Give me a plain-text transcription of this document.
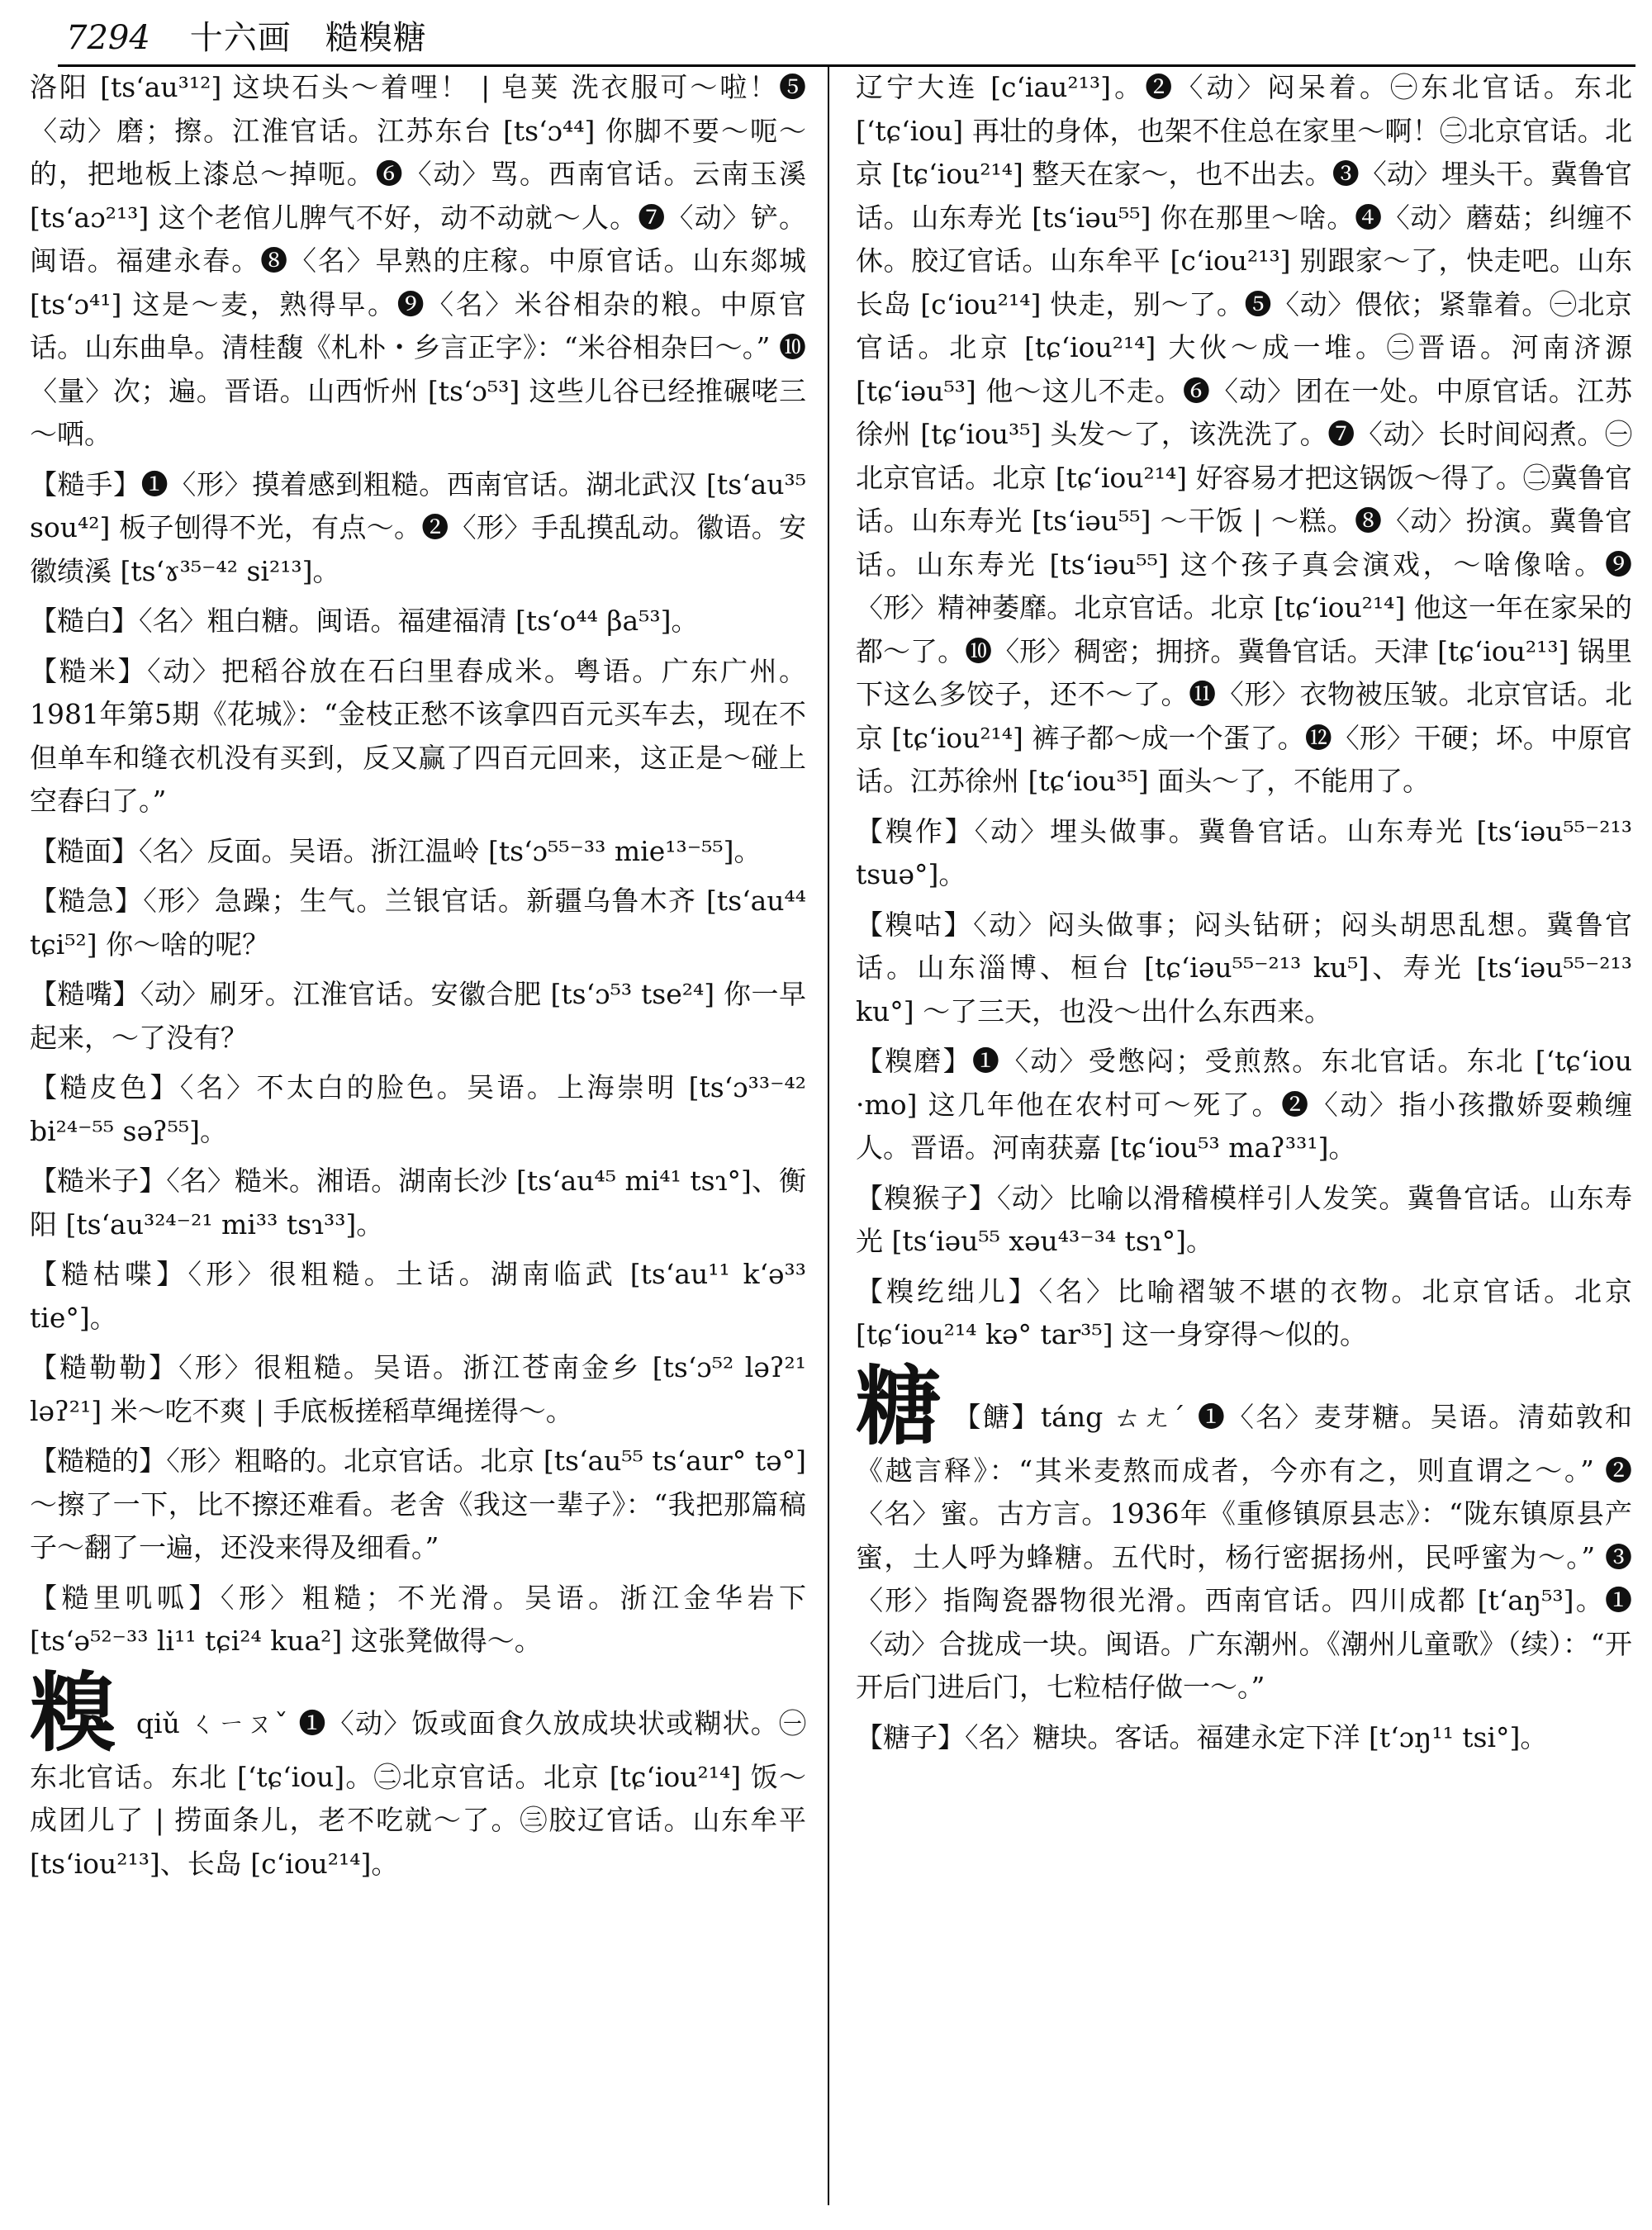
7294 十六画　糙糗糖

洛阳 [tsʻau³¹²] 这块石头～着哩！ | 皂荚 洗衣服可～啦！❺〈动〉磨；擦。江淮官话。江苏东台 [tsʻɔ⁴⁴] 你脚不要～呃～的，把地板上漆总～掉呃。❻〈动〉骂。西南官话。云南玉溪 [tsʻaɔ²¹³] 这个老倌儿脾气不好，动不动就～人。❼〈动〉铲。闽语。福建永春。❽〈名〉早熟的庄稼。中原官话。山东郯城 [tsʻɔ⁴¹] 这是～麦，熟得早。❾〈名〉米谷相杂的粮。中原官话。山东曲阜。清桂馥《札朴・乡言正字》：“米谷相杂曰～。” ❿〈量〉次；遍。晋语。山西忻州 [tsʻɔ⁵³] 这些儿谷已经推碾咾三～哂。

【糙手】❶〈形〉摸着感到粗糙。西南官话。湖北武汉 [tsʻau³⁵ sou⁴²] 板子刨得不光，有点～。❷〈形〉手乱摸乱动。徽语。安徽绩溪 [tsʻɤ³⁵⁻⁴² si²¹³]。

【糙白】〈名〉粗白糖。闽语。福建福清 [tsʻo⁴⁴ βa⁵³]。

【糙米】〈动〉把稻谷放在石臼里舂成米。粤语。广东广州。1981年第5期《花城》：“金枝正愁不该拿四百元买车去，现在不但单车和缝衣机没有买到，反又赢了四百元回来，这正是～碰上空舂臼了。”

【糙面】〈名〉反面。吴语。浙江温岭 [tsʻɔ⁵⁵⁻³³ mie¹³⁻⁵⁵]。

【糙急】〈形〉急躁；生气。兰银官话。新疆乌鲁木齐 [tsʻau⁴⁴ tɕi⁵²] 你～啥的呢？

【糙嘴】〈动〉刷牙。江淮官话。安徽合肥 [tsʻɔ⁵³ tse²⁴] 你一早起来，～了没有？

【糙皮色】〈名〉不太白的脸色。吴语。上海崇明 [tsʻɔ³³⁻⁴² bi²⁴⁻⁵⁵ səʔ⁵⁵]。

【糙米子】〈名〉糙米。湘语。湖南长沙 [tsʻau⁴⁵ mi⁴¹ tsɿ°]、衡阳 [tsʻau³²⁴⁻²¹ mi³³ tsɿ³³]。

【糙枯喋】〈形〉很粗糙。土话。湖南临武 [tsʻau¹¹ kʻə³³ tie°]。

【糙勒勒】〈形〉很粗糙。吴语。浙江苍南金乡 [tsʻɔ⁵² ləʔ²¹ ləʔ²¹] 米～吃不爽 | 手底板搓稻草绳搓得～。

【糙糙的】〈形〉粗略的。北京官话。北京 [tsʻau⁵⁵ tsʻaur° tə°] ～擦了一下，比不擦还难看。老舍《我这一辈子》：“我把那篇稿子～翻了一遍，还没来得及细看。”

【糙里叽呱】〈形〉粗糙；不光滑。吴语。浙江金华岩下 [tsʻə⁵²⁻³³ li¹¹ tɕi²⁴ kua²] 这张凳做得～。

糗 qiǔ ㄑㄧㄡˇ ❶〈动〉饭或面食久放成块状或糊状。㊀东北官话。东北 [ʻtɕʻiou]。㊁北京官话。北京 [tɕʻiou²¹⁴] 饭～成团儿了 | 捞面条儿，老不吃就～了。㊂胶辽官话。山东牟平 [tsʻiou²¹³]、长岛 [cʻiou²¹⁴]。

辽宁大连 [cʻiau²¹³]。❷〈动〉闷呆着。㊀东北官话。东北 [ʻtɕʻiou] 再壮的身体，也架不住总在家里～啊！㊁北京官话。北京 [tɕʻiou²¹⁴] 整天在家～，也不出去。❸〈动〉埋头干。冀鲁官话。山东寿光 [tsʻiəu⁵⁵] 你在那里～啥。❹〈动〉蘑菇；纠缠不休。胶辽官话。山东牟平 [cʻiou²¹³] 别跟家～了，快走吧。山东长岛 [cʻiou²¹⁴] 快走，别～了。❺〈动〉偎依；紧靠着。㊀北京官话。北京 [tɕʻiou²¹⁴] 大伙～成一堆。㊁晋语。河南济源 [tɕʻiəu⁵³] 他～这儿不走。❻〈动〉团在一处。中原官话。江苏徐州 [tɕʻiou³⁵] 头发～了，该洗洗了。❼〈动〉长时间闷煮。㊀北京官话。北京 [tɕʻiou²¹⁴] 好容易才把这锅饭～得了。㊁冀鲁官话。山东寿光 [tsʻiəu⁵⁵] ～干饭 | ～糕。❽〈动〉扮演。冀鲁官话。山东寿光 [tsʻiəu⁵⁵] 这个孩子真会演戏，～啥像啥。❾〈形〉精神萎靡。北京官话。北京 [tɕʻiou²¹⁴] 他这一年在家呆的都～了。❿〈形〉稠密；拥挤。冀鲁官话。天津 [tɕʻiou²¹³] 锅里下这么多饺子，还不～了。⓫〈形〉衣物被压皱。北京官话。北京 [tɕʻiou²¹⁴] 裤子都～成一个蛋了。⓬〈形〉干硬；坏。中原官话。江苏徐州 [tɕʻiou³⁵] 面头～了，不能用了。

【糗作】〈动〉埋头做事。冀鲁官话。山东寿光 [tsʻiəu⁵⁵⁻²¹³ tsuə°]。

【糗咕】〈动〉闷头做事；闷头钻研；闷头胡思乱想。冀鲁官话。山东淄博、桓台 [tɕʻiəu⁵⁵⁻²¹³ ku⁵]、寿光 [tsʻiəu⁵⁵⁻²¹³ ku°] ～了三天，也没～出什么东西来。

【糗磨】❶〈动〉受憋闷；受煎熬。东北官话。东北 [ʻtɕʻiou ·mo] 这几年他在农村可～死了。❷〈动〉指小孩撒娇耍赖缠人。晋语。河南获嘉 [tɕʻiou⁵³ maʔ³³¹]。

【糗猴子】〈动〉比喻以滑稽模样引人发笑。冀鲁官话。山东寿光 [tsʻiəu⁵⁵ xəu⁴³⁻³⁴ tsɿ°]。

【糗纥绌儿】〈名〉比喻褶皱不堪的衣物。北京官话。北京 [tɕʻiou²¹⁴ kə° tar³⁵] 这一身穿得～似的。

糖 【餹】táng ㄊㄤˊ ❶〈名〉麦芽糖。吴语。清茹敦和《越言释》：“其米麦熬而成者，今亦有之，则直谓之～。” ❷〈名〉蜜。古方言。1936年《重修镇原县志》：“陇东镇原县产蜜，土人呼为蜂糖。五代时，杨行密据扬州，民呼蜜为～。” ❸〈形〉指陶瓷器物很光滑。西南官话。四川成都 [tʻaŋ⁵³]。❶〈动〉合拢成一块。闽语。广东潮州。《潮州儿童歌》（续）：“开开后门进后门，七粒桔仔做一～。”

【糖子】〈名〉糖块。客话。福建永定下洋 [tʻɔŋ¹¹ tsi°]。
